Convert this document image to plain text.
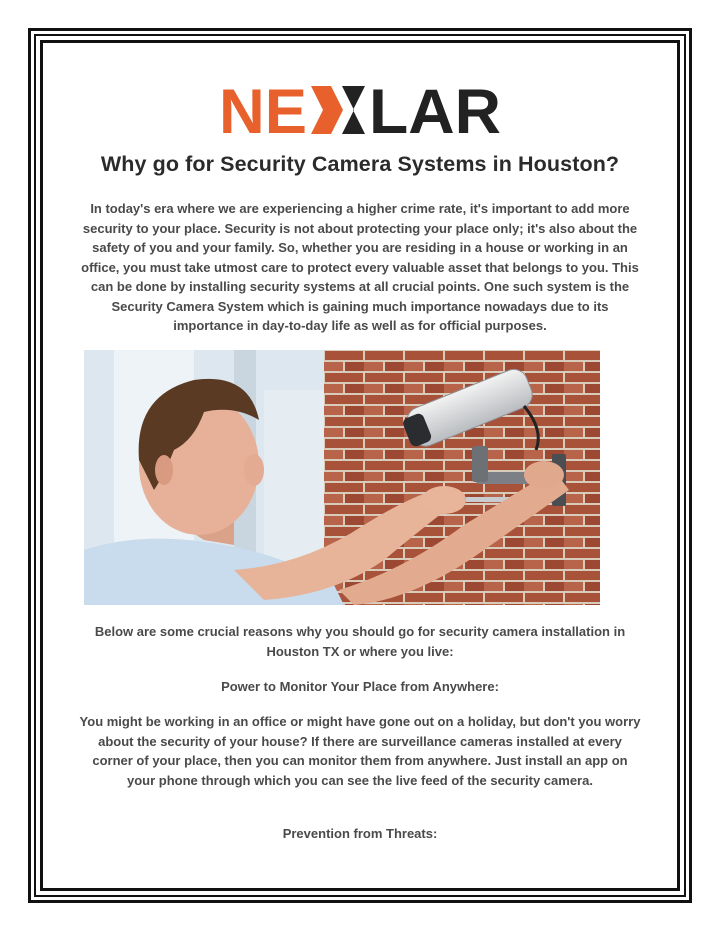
NE LAR
Why go for Security Camera Systems in Houston?

In today's era where we are experiencing a higher crime rate, it's important to add more security to your place. Security is not about protecting your place only; it's also about the safety of you and your family. So, whether you are residing in a house or working in an office, you must take utmost care to protect every valuable asset that belongs to you. This can be done by installing security systems at all crucial points. One such system is the Security Camera System which is gaining much importance nowadays due to its importance in day-to-day life as well as for official purposes.

Below are some crucial reasons why you should go for security camera installation in Houston TX or where you live:

Power to Monitor Your Place from Anywhere:

You might be working in an office or might have gone out on a holiday, but don't you worry about the security of your house? If there are surveillance cameras installed at every corner of your place, then you can monitor them from anywhere. Just install an app on your phone through which you can see the live feed of the security camera.

Prevention from Threats:
